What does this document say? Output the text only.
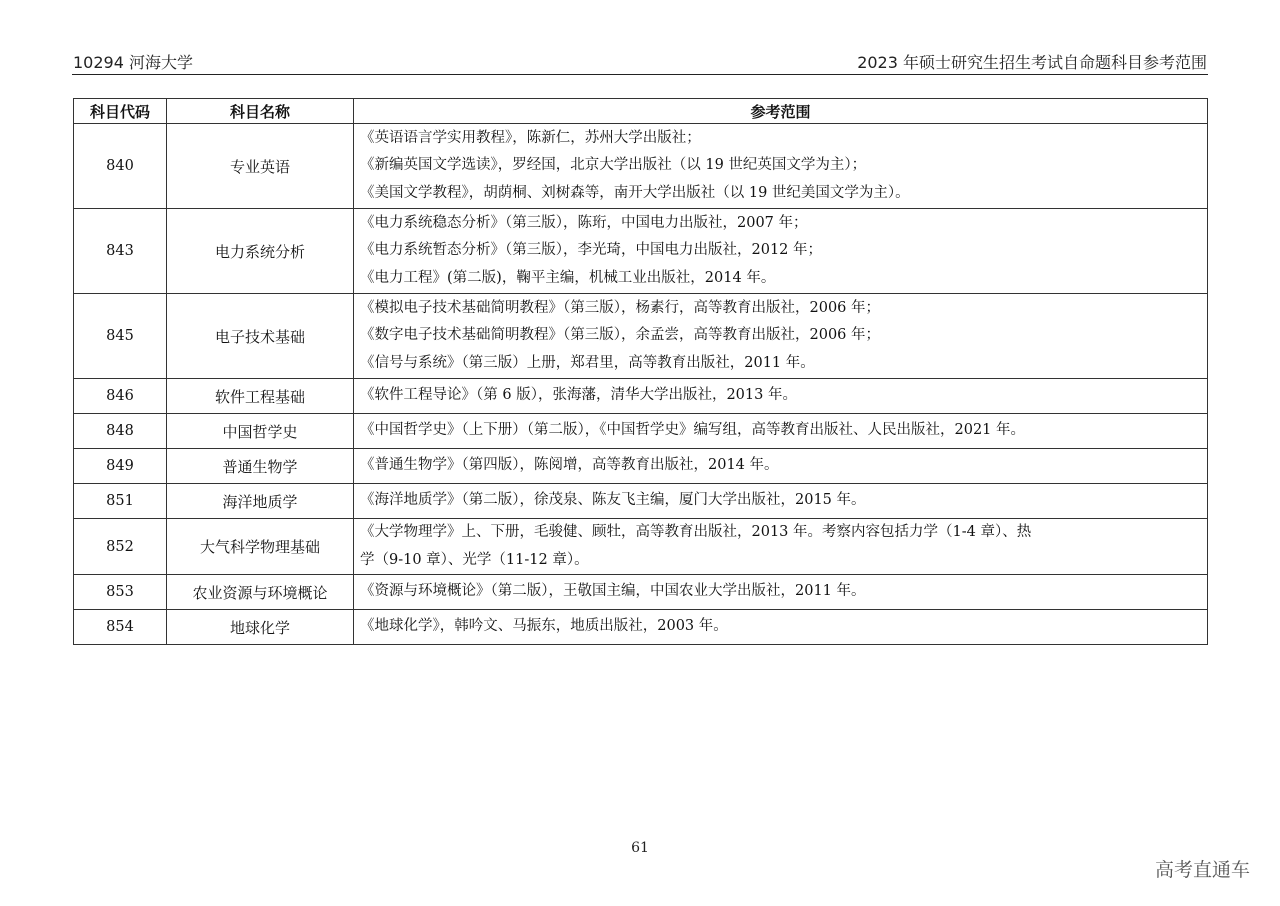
10294 河海大学	2023 年硕士研究生招生考试自命题科目参考范围
科目代码	科目名称	参考范围
840	专业英语	《英语语言学实用教程》，陈新仁，苏州大学出版社；
《新编英国文学选读》，罗经国，北京大学出版社（以 19 世纪英国文学为主）；
《美国文学教程》，胡荫桐、刘树森等，南开大学出版社（以 19 世纪美国文学为主）。

843	电力系统分析	《电力系统稳态分析》（第三版），陈珩，中国电力出版社，2007 年；
《电力系统暂态分析》（第三版），李光琦，中国电力出版社，2012 年；
《电力工程》(第二版)，鞠平主编，机械工业出版社，2014 年。

845	电子技术基础	《模拟电子技术基础简明教程》（第三版），杨素行，高等教育出版社，2006 年；
《数字电子技术基础简明教程》（第三版），余孟尝，高等教育出版社，2006 年；
《信号与系统》（第三版）上册，郑君里，高等教育出版社，2011 年。

846	软件工程基础	《软件工程导论》（第 6 版），张海藩，清华大学出版社，2013 年。

848	中国哲学史	《中国哲学史》（上下册）（第二版），《中国哲学史》编写组，高等教育出版社、人民出版社，2021 年。

849	普通生物学	《普通生物学》（第四版），陈阅增，高等教育出版社，2014 年。

851	海洋地质学	《海洋地质学》（第二版），徐茂泉、陈友飞主编，厦门大学出版社，2015 年。

852	大气科学物理基础	《大学物理学》上、下册，毛骏健、顾牡，高等教育出版社，2013 年。考察内容包括力学（1-4 章）、热
学（9-10 章）、光学（11-12 章）。

853	农业资源与环境概论	《资源与环境概论》（第二版），王敬国主编，中国农业大学出版社，2011 年。

854	地球化学	《地球化学》，韩吟文、马振东，地质出版社，2003 年。
61
高考直通车
